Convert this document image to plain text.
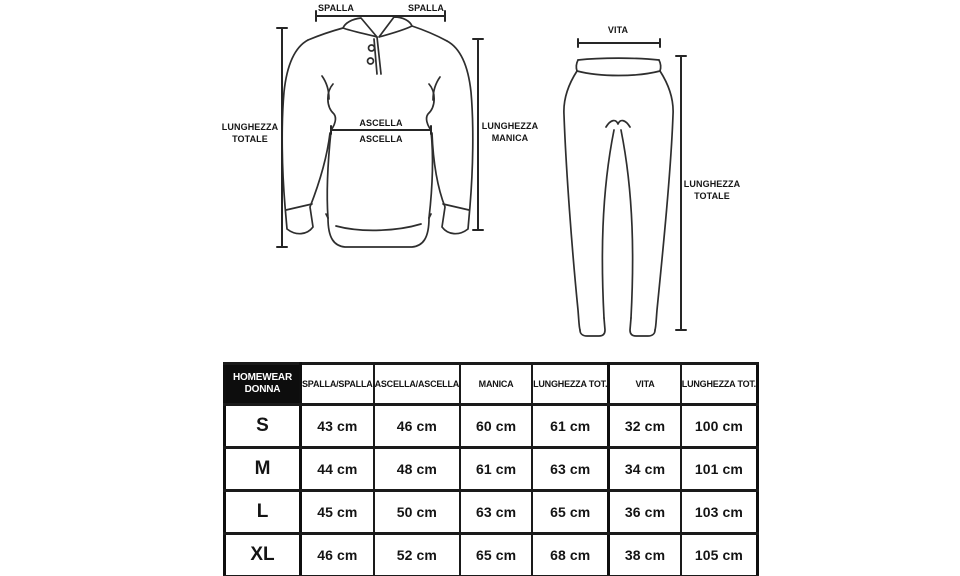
SPALLA	SPALLA
LUNGHEZZA TOTALE
ASCELLA
ASCELLA
LUNGHEZZA MANICA
VITA
LUNGHEZZA TOTALE
HOMEWEAR DONNA	SPALLA/SPALLA	ASCELLA/ASCELLA	MANICA	LUNGHEZZA TOT.	VITA	LUNGHEZZA TOT.
S	43 cm	46 cm	60 cm	61 cm	32 cm	100 cm
M	44 cm	48 cm	61 cm	63 cm	34 cm	101 cm
L	45 cm	50 cm	63 cm	65 cm	36 cm	103 cm
XL	46 cm	52 cm	65 cm	68 cm	38 cm	105 cm
